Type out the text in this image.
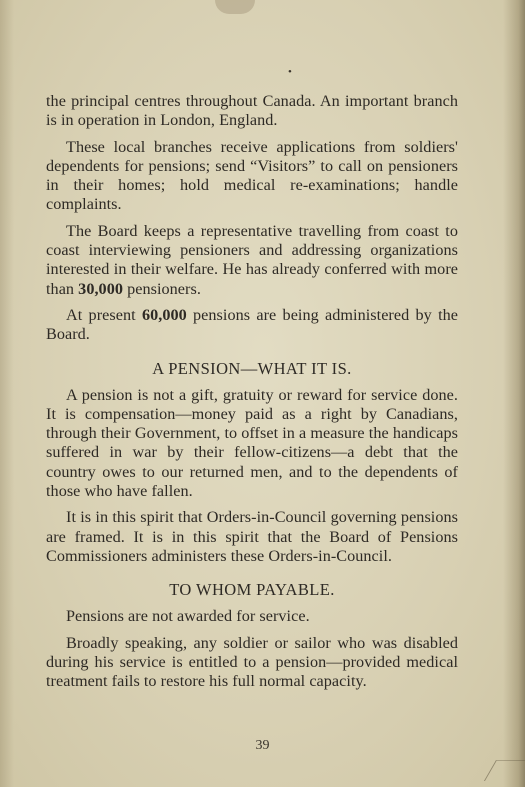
•

the principal centres throughout Canada. An important branch is in operation in London, England.

These local branches receive applications from soldiers' dependents for pensions; send “Visitors” to call on pensioners in their homes; hold medical re-examinations; handle complaints.

The Board keeps a representative travelling from coast to coast interviewing pensioners and addressing organizations interested in their welfare. He has already conferred with more than 30,000 pensioners.

At present 60,000 pensions are being administered by the Board.

A PENSION—WHAT IT IS.

A pension is not a gift, gratuity or reward for service done. It is compensation—money paid as a right by Canadians, through their Government, to offset in a measure the handicaps suffered in war by their fellow-citizens—a debt that the country owes to our returned men, and to the dependents of those who have fallen.

It is in this spirit that Orders-in-Council governing pensions are framed. It is in this spirit that the Board of Pensions Commissioners administers these Orders-in-Council.

TO WHOM PAYABLE.

Pensions are not awarded for service.

Broadly speaking, any soldier or sailor who was disabled during his service is entitled to a pension—provided medical treatment fails to restore his full normal capacity.

39
